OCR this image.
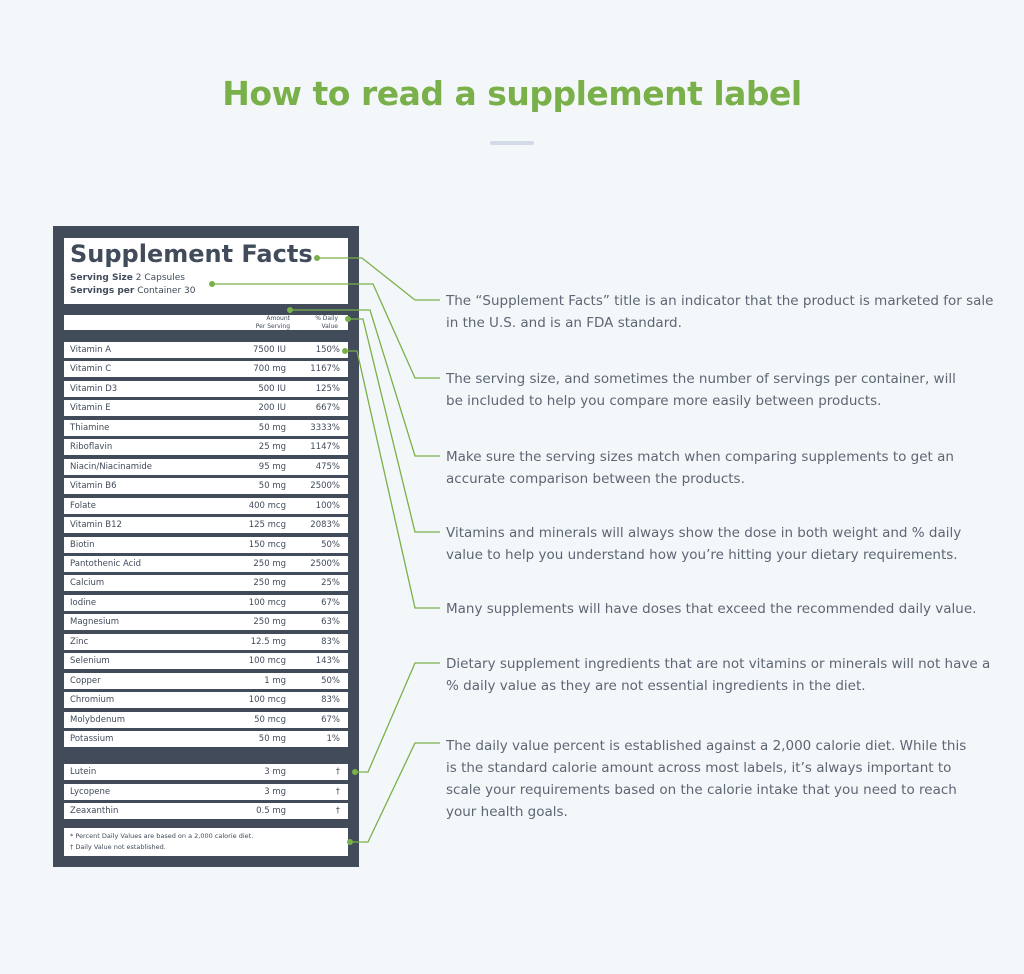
How to read a supplement label
Supplement Facts
Serving Size 2 Capsules
Servings per Container 30
Amount
Per Serving
% Daily
Value
Vitamin A	7500 IU	150%
Vitamin C	700 mg	1167%
Vitamin D3	500 IU	125%
Vitamin E	200 IU	667%
Thiamine	50 mg	3333%
Riboflavin	25 mg	1147%
Niacin/Niacinamide	95 mg	475%
Vitamin B6	50 mg	2500%
Folate	400 mcg	100%
Vitamin B12	125 mcg	2083%
Biotin	150 mcg	50%
Pantothenic Acid	250 mg	2500%
Calcium	250 mg	25%
Iodine	100 mcg	67%
Magnesium	250 mg	63%
Zinc	12.5 mg	83%
Selenium	100 mcg	143%
Copper	1 mg	50%
Chromium	100 mcg	83%
Molybdenum	50 mcg	67%
Potassium	50 mg	1%
Lutein	3 mg	†
Lycopene	3 mg	†
Zeaxanthin	0.5 mg	†
* Percent Daily Values are based on a 2,000 calorie diet.
† Daily Value not established.

The “Supplement Facts” title is an indicator that the product is marketed for sale in the U.S. and is an FDA standard.

The serving size, and sometimes the number of servings per container, will be included to help you compare more easily between products.

Make sure the serving sizes match when comparing supplements to get an accurate comparison between the products.

Vitamins and minerals will always show the dose in both weight and % daily value to help you understand how you’re hitting your dietary requirements.

Many supplements will have doses that exceed the recommended daily value.

Dietary supplement ingredients that are not vitamins or minerals will not have a % daily value as they are not essential ingredients in the diet.

The daily value percent is established against a 2,000 calorie diet. While this is the standard calorie amount across most labels, it’s always important to scale your requirements based on the calorie intake that you need to reach your health goals.
